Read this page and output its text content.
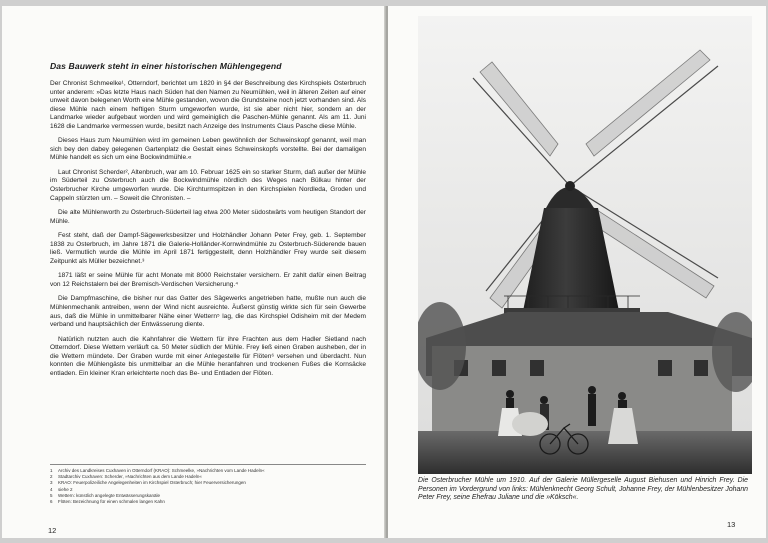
Das Bauwerk steht in einer historischen Mühlengegend

Der Chronist Schmeelke¹, Otterndorf, berichtet um 1820 in §4 der Beschreibung des Kirchspiels Osterbruch unter anderem: »Das letzte Haus nach Süden hat den Namen zu Neumühlen, weil in älteren Zeiten auf einer unweit davon belegenen Worth eine Mühle gestanden, wovon die Grundsteine noch jetzt vorhanden sind. Als diese Mühle nach einem heftigen Sturm umgeworfen wurde, ist sie aber nicht hier, sondern an der Landmarke wieder aufgebaut worden und wird gemeiniglich die Paschen-Mühle genannt. Als am 11. Juni 1628 die Landmarke vermessen wurde, besitzt nach Anzeige des Instruments Claus Pasche diese Mühle.

Dieses Haus zum Neumühlen wird im gemeinen Leben gewöhnlich der Schweinskopf genannt, weil man sich bey den dabey gelegenen Gartenplatz die Gestalt eines Schweinskopfs vorstellte. Bei der damaligen Mühle handelt es sich um eine Bockwindmühle.«

Laut Chronist Scherder², Altenbruch, war am 10. Februar 1625 ein so starker Sturm, daß außer der Mühle im Süderteil zu Osterbruch auch die Bockwindmühle nördlich des Weges nach Bülkau hinter der Osterbrucher Kirche umgeworfen wurde. Die Kirchturmspitzen in den Kirchspielen Nordleda, Groden und Cappeln stürzten um. – Soweit die Chronisten. –

Die alte Mühlenworth zu Osterbruch-Süderteil lag etwa 200 Meter südostwärts vom heutigen Standort der Mühle.

Fest steht, daß der Dampf-Sägewerksbesitzer und Holzhändler Johann Peter Frey, geb. 1. September 1838 zu Osterbruch, im Jahre 1871 die Galerie-Holländer-Kornwindmühle zu Osterbruch-Süderende bauen ließ. Vermutlich wurde die Mühle im April 1871 fertiggestellt, denn Holzhändler Frey wurde seit diesem Zeitpunkt als Müller bezeichnet.³

1871 läßt er seine Mühle für acht Monate mit 8000 Reichstaler versichern. Er zahlt dafür einen Beitrag von 12 Reichstalern bei der Bremisch-Verdischen Versicherung.⁴

Die Dampfmaschine, die bisher nur das Gatter des Sägewerks angetrieben hatte, mußte nun auch die Mühlenmechanik antreiben, wenn der Wind nicht ausreichte. Äußerst günstig wirkte sich für sein Gewerbe aus, daß die Mühle in unmittelbarer Nähe einer Wettern⁵ lag, die das Kirchspiel Odisheim mit der Medem verband und hauptsächlich der Entwässerung diente.

Natürlich nutzten auch die Kahnfahrer die Wettern für ihre Frachten aus dem Hadler Sietland nach Otterndorf. Diese Wettern verläuft ca. 50 Meter südlich der Mühle. Frey ließ einen Graben ausheben, der in die Wettern mündete. Der Graben wurde mit einer Anlegestelle für Flöten⁶ versehen und überdacht. Nun konnten die Mühlengäste bis unmittelbar an die Mühle heranfahren und trockenen Fußes die Kornsäcke entladen. Ein kleiner Kran erleichterte noch das Be- und Entladen der Flöten.

1 Archiv des Landkreises Cuxhaven in Otterndorf (KRAO): Schmeelke, »Nachrichten vom Lande Hadeln«
2 Stadtarchiv Cuxhaven: Scherder, »Nachrichten aus dem Lande Hadeln«
3 KRAO: Feuerpolizeiliche Angelegenheiten im Kirchspiel Osterbruch; hier Feuerversicherungen
4 siehe 2
5 Wettern: künstlich angelegte Entwässerungskanäle
6 Flöten: Bezeichnung für einen schmalen langen Kahn
12
Die Osterbrucher Mühle um 1910. Auf der Galerie Müllergeselle August Biehusen und Hinrich Frey. Die Personen im Vordergrund von links: Mühlenknecht Georg Schult, Johanne Frey, der Mühlenbesitzer Johann Peter Frey, seine Ehefrau Juliane und die »Köksch«.
13
